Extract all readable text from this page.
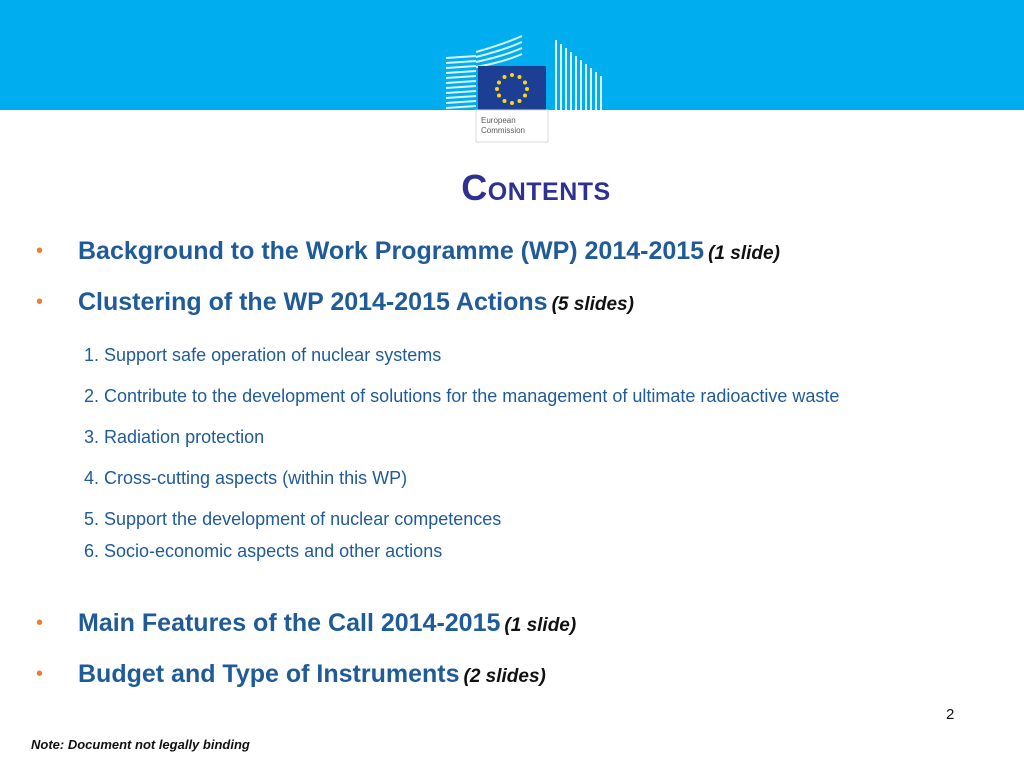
European
Commission
Contents
• Background to the Work Programme (WP) 2014-2015 (1 slide)
• Clustering of the WP 2014-2015 Actions (5 slides)
1. Support safe operation of nuclear systems
2. Contribute to the development of solutions for the management of ultimate radioactive waste
3. Radiation protection
4. Cross-cutting aspects (within this WP)
5. Support the development of nuclear competences
6. Socio-economic aspects and other actions
• Main Features of the Call 2014-2015 (1 slide)
• Budget and Type of Instruments (2 slides)
2
Note: Document not legally binding
